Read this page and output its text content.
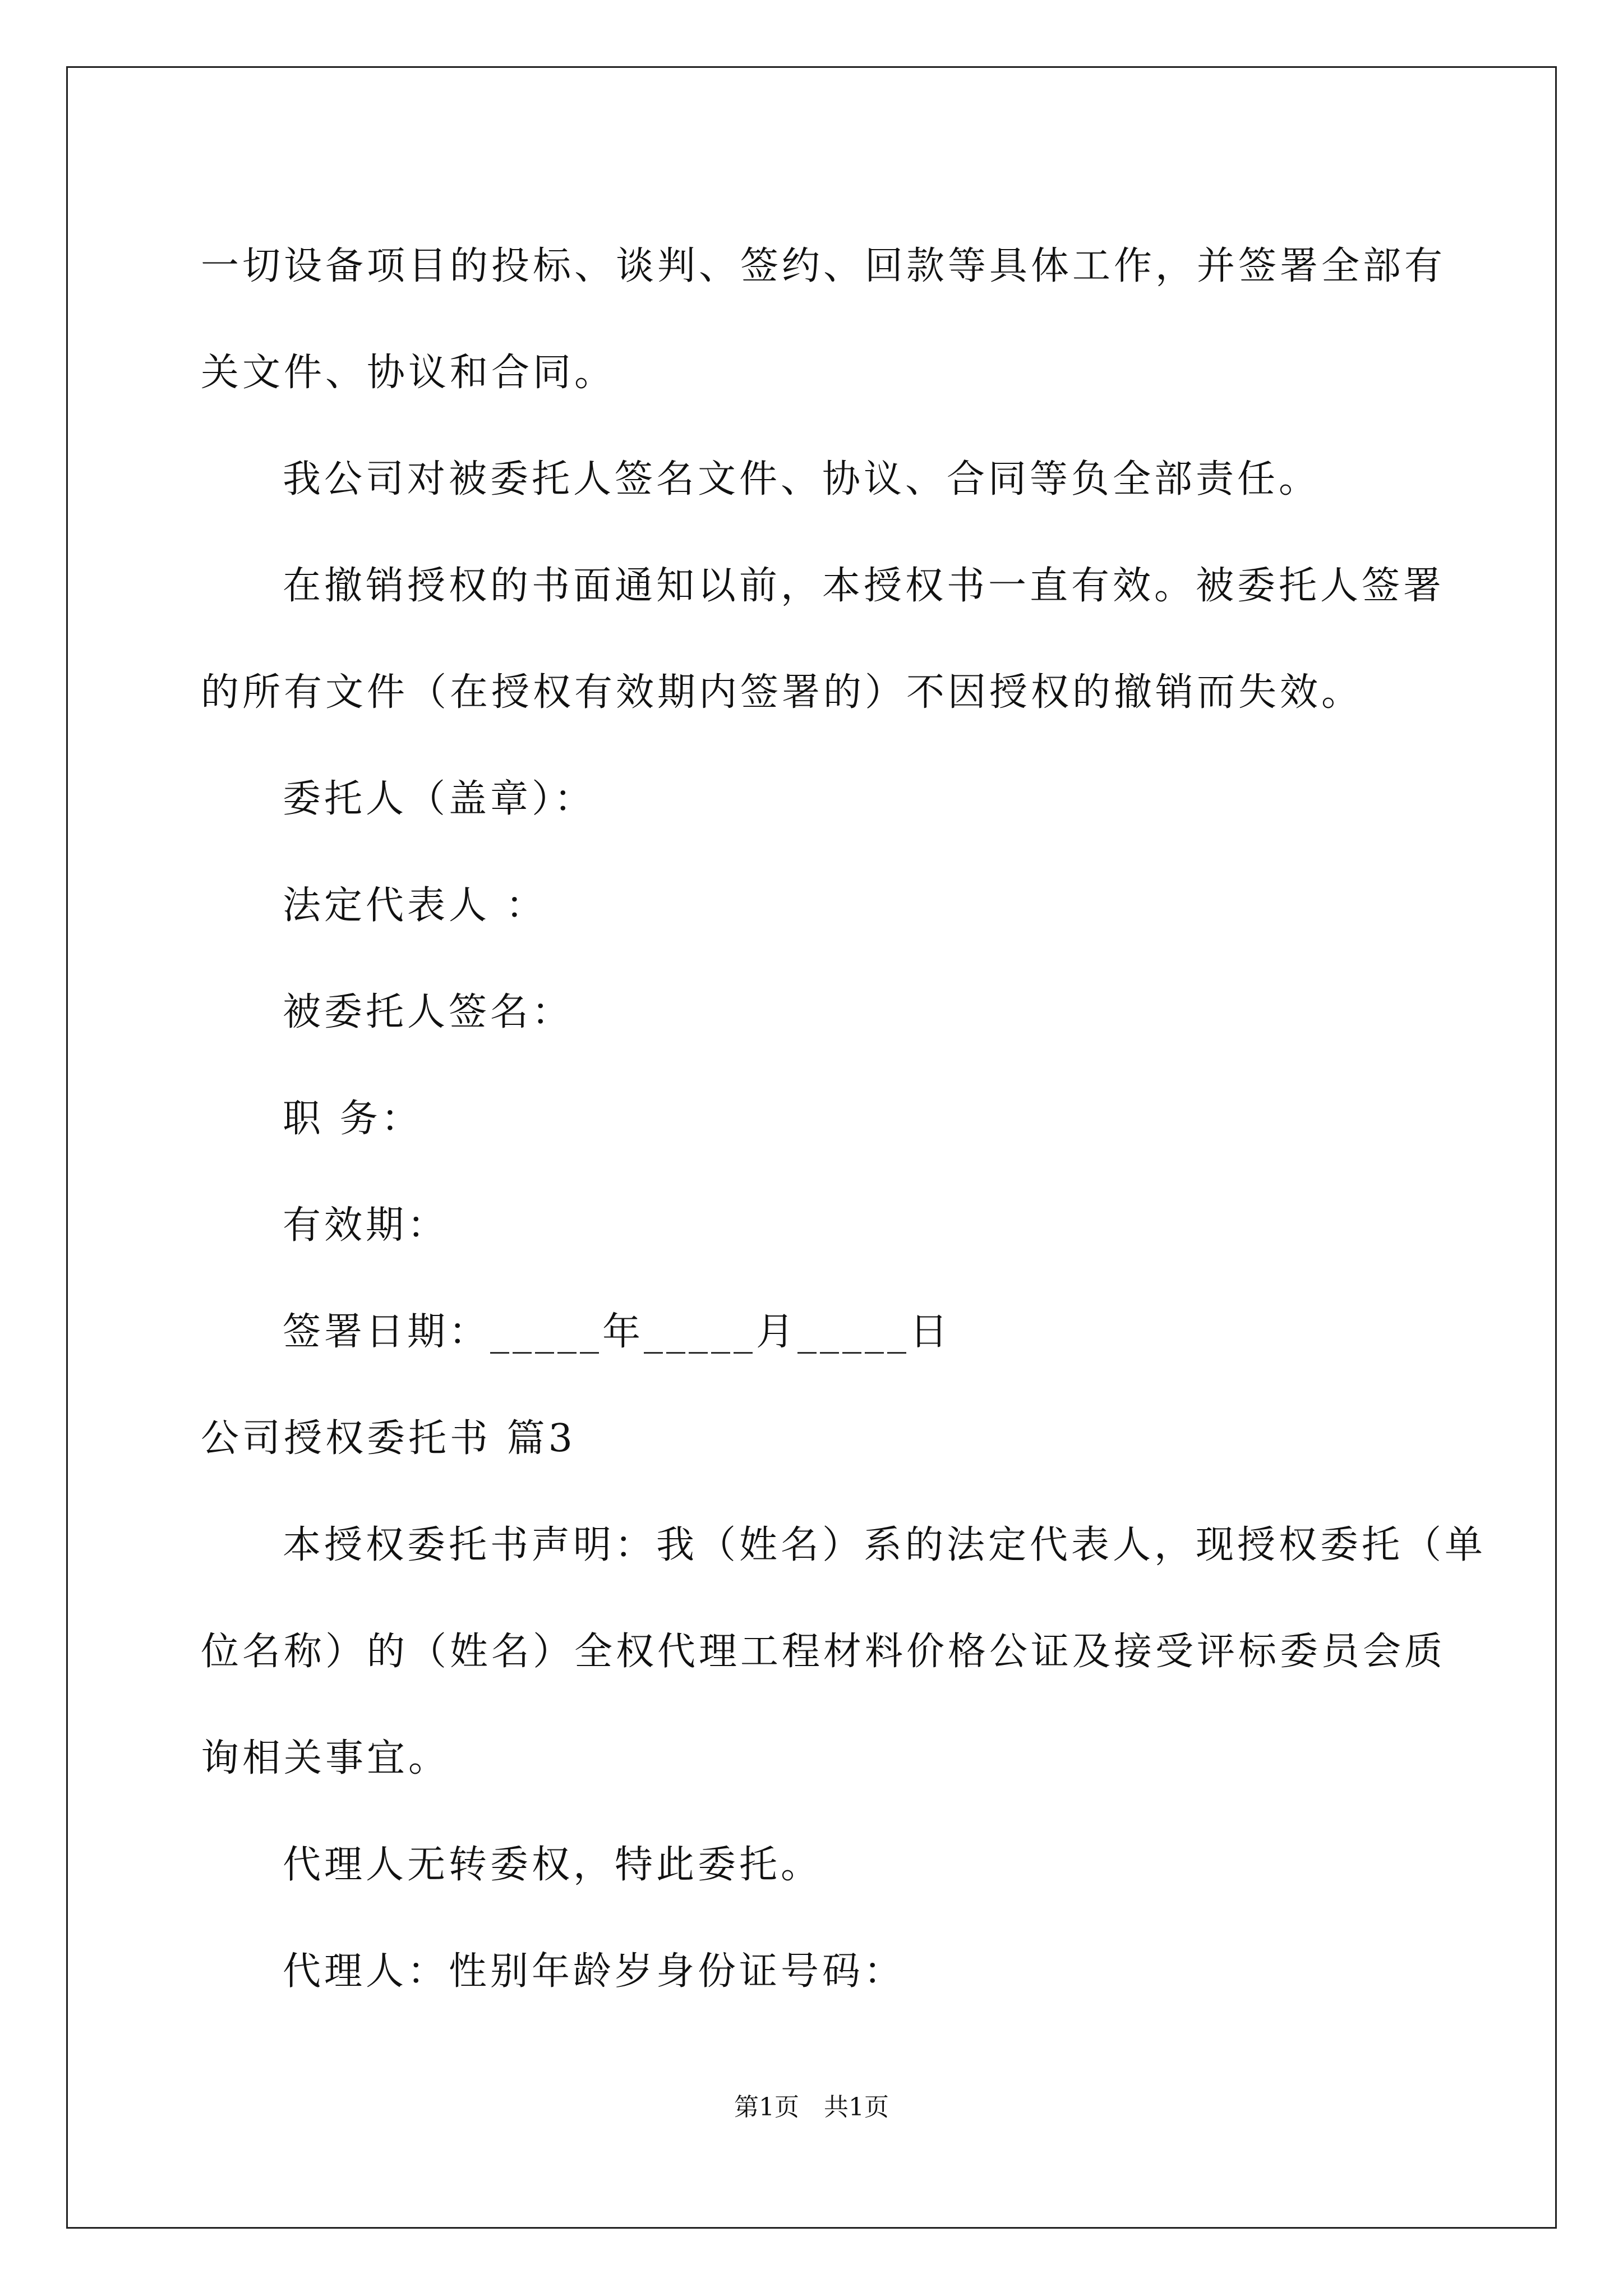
一切设备项目的投标、谈判、签约、回款等具体工作，并签署全部有
关文件、协议和合同。
我公司对被委托人签名文件、协议、合同等负全部责任。
在撤销授权的书面通知以前，本授权书一直有效。被委托人签署
的所有文件（在授权有效期内签署的）不因授权的撤销而失效。
委托人（盖章）：
法定代表人 ：
被委托人签名：
职 务：
有效期：
签署日期：_____年_____月_____日
公司授权委托书 篇3
本授权委托书声明：我（姓名）系的法定代表人，现授权委托（单
位名称）的（姓名）全权代理工程材料价格公证及接受评标委员会质
询相关事宜。
代理人无转委权，特此委托。
代理人：性别年龄岁身份证号码：
第1页　共1页
